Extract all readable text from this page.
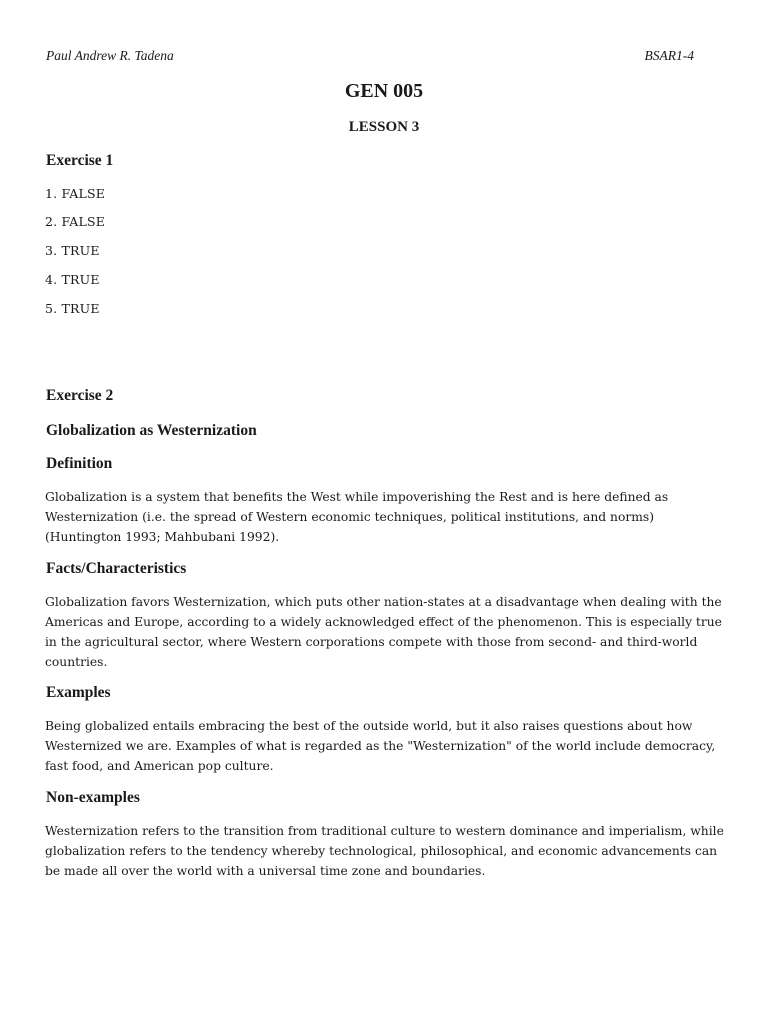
Paul Andrew R. Tadena	BSAR1-4
GEN 005
LESSON 3
Exercise 1
1. FALSE
2. FALSE
3. TRUE
4. TRUE
5. TRUE
Exercise 2
Globalization as Westernization
Definition
Globalization is a system that benefits the West while impoverishing the Rest and is here defined as Westernization (i.e. the spread of Western economic techniques, political institutions, and norms) (Huntington 1993; Mahbubani 1992).
Facts/Characteristics
Globalization favors Westernization, which puts other nation-states at a disadvantage when dealing with the Americas and Europe, according to a widely acknowledged effect of the phenomenon. This is especially true in the agricultural sector, where Western corporations compete with those from second- and third-world countries.
Examples
Being globalized entails embracing the best of the outside world, but it also raises questions about how Westernized we are. Examples of what is regarded as the "Westernization" of the world include democracy, fast food, and American pop culture.
Non-examples
Westernization refers to the transition from traditional culture to western dominance and imperialism, while globalization refers to the tendency whereby technological, philosophical, and economic advancements can be made all over the world with a universal time zone and boundaries.
